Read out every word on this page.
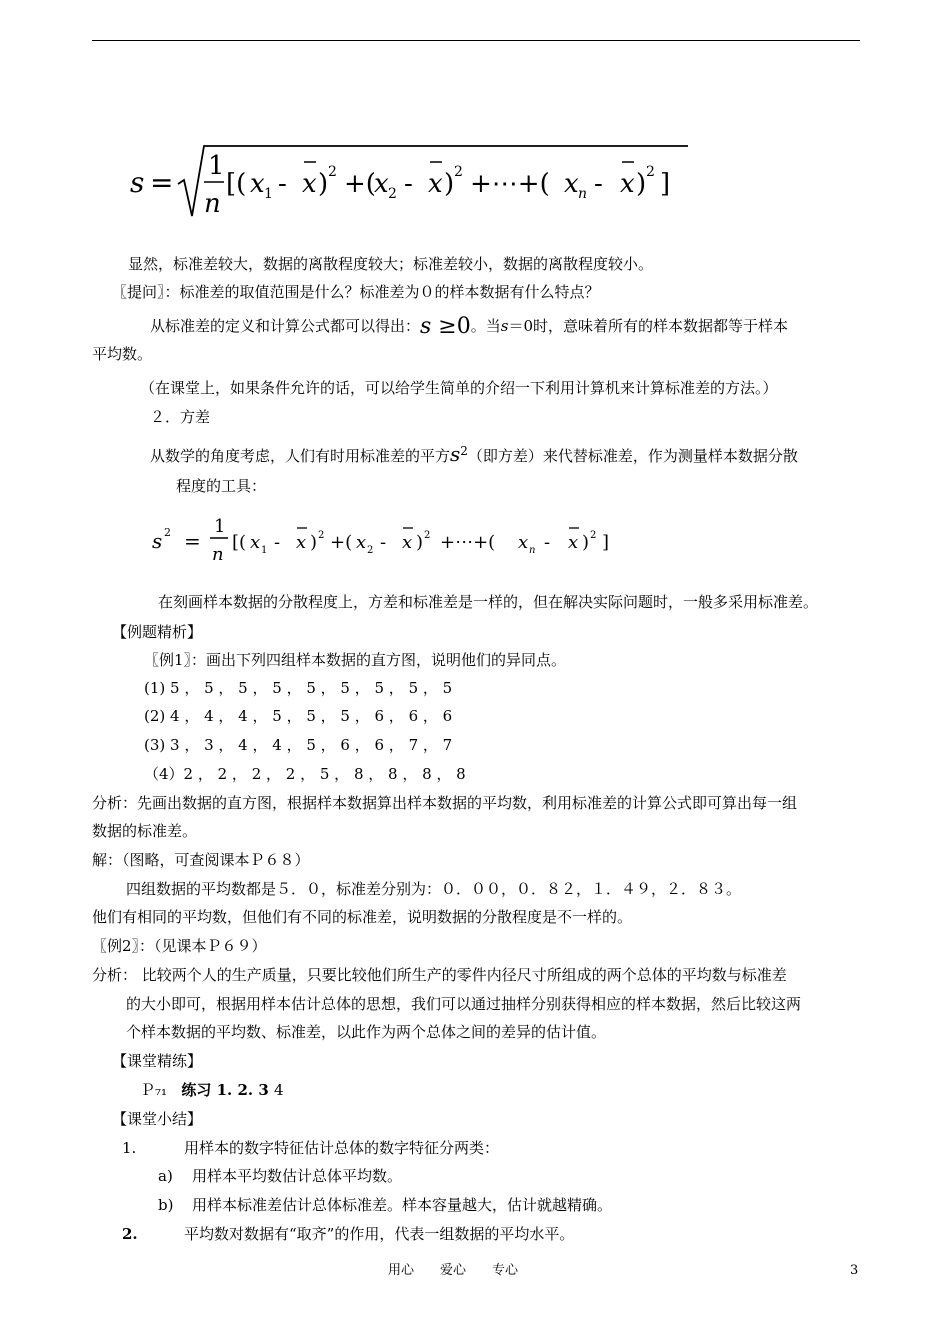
s = 1
n
[( x 1 - x ) 2 +(
x 2 - x ) 2 +⋯+( x n - x ) 2 ]
显然，标准差较大，数据的离散程度较大；标准差较小，数据的离散程度较小。
〖提问〗：标准差的取值范围是什么？标准差为０的样本数据有什么特点？
从标准差的定义和计算公式都可以得出：s ≥0。当s＝0时，意味着所有的样本数据都等于样本
平均数。
（在课堂上，如果条件允许的话，可以给学生简单的介绍一下利用计算机来计算标准差的方法。）
２．方差
从数学的角度考虑，人们有时用标准差的平方$s^2$（即方差）来代替标准差，作为测量样本数据分散
程度的工具：
s 2 =
1
n
[( x 1 - x ) 2 +( x 2 - x ) 2 +⋯+( x n - x ) 2 ]
在刻画样本数据的分散程度上，方差和标准差是一样的，但在解决实际问题时，一般多采用标准差。
【例题精析】
〖例1〗：画出下列四组样本数据的直方图，说明他们的异同点。
(1) 5 ， 5 ， 5 ， 5 ， 5 ， 5 ， 5 ， 5 ， 5
(2) 4 ， 4 ， 4 ， 5 ， 5 ， 5 ， 6 ， 6 ， 6
(3) 3 ， 3 ， 4 ， 4 ， 5 ， 6 ， 6 ， 7 ， 7
（4）2 ， 2 ， 2 ， 2 ， 5 ， 8 ， 8 ， 8 ， 8
分析：先画出数据的直方图，根据样本数据算出样本数据的平均数，利用标准差的计算公式即可算出每一组
数据的标准差。
解：（图略，可查阅课本Ｐ６８）
四组数据的平均数都是５．０，标准差分别为：０．００，０．８２，１．４９，２．８３。
他们有相同的平均数，但他们有不同的标准差，说明数据的分散程度是不一样的。
〖例2〗：（见课本Ｐ６９）
分析： 比较两个人的生产质量，只要比较他们所生产的零件内径尺寸所组成的两个总体的平均数与标准差
的大小即可，根据用样本估计总体的思想，我们可以通过抽样分别获得相应的样本数据，然后比较这两
个样本数据的平均数、标准差，以此作为两个总体之间的差异的估计值。
【课堂精练】
Ｐ₇₁ 练习 1. 2. 3 4
【课堂小结】
1.	用样本的数字特征估计总体的数字特征分两类：
a) 用样本平均数估计总体平均数。
b) 用样本标准差估计总体标准差。样本容量越大，估计就越精确。
2.	平均数对数据有“取齐”的作用，代表一组数据的平均水平。
用心　　爱心　　专心	3
